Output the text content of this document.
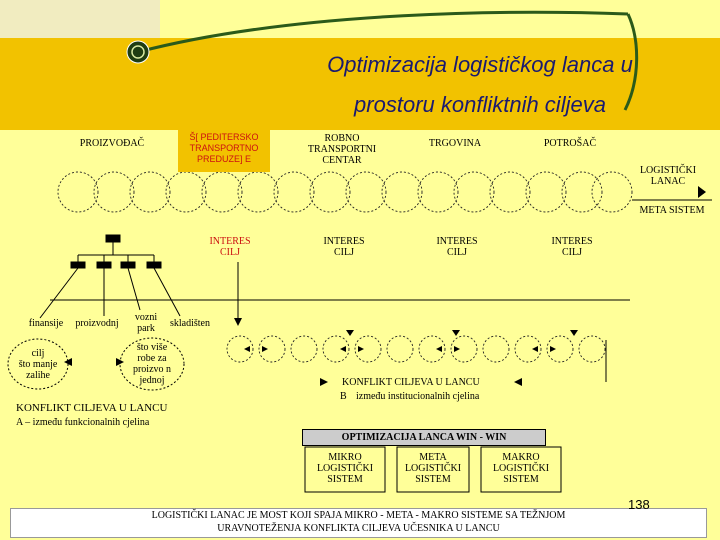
Optimizacija logističkog lanca u
prostoru konfliktnih ciljeva
PROIZVOĐAČ
Š[ PEDITERSKO
TRANSPORTNO
PREDUZE] E
ROBNO
TRANSPORTNI
CENTAR
TRGOVINA	POTROŠAČ
LOGISTIČKI
LANAC
META SISTEM
INTERES
CILJ
INTERES
CILJ
INTERES
CILJ
INTERES
CILJ
finansije	proizvodnj
vozni
park	skladišten
cilj
što manje
zalihe
što više
robe za
proizvo n
jednoj
KONFLIKT CILJEVA U LANCU
A – između funkcionalnih cjelina
KONFLIKT CILJEVA U LANCU
B između institucionalnih cjelina
OPTIMIZACIJA LANCA WIN - WIN
MIKRO
LOGISTIČKI
SISTEM
META
LOGISTIČKI
SISTEM
MAKRO
LOGISTIČKI
SISTEM
LOGISTIČKI LANAC JE MOST KOJI SPAJA MIKRO - META - MAKRO SISTEME SA TEŽNJOM
URAVNOTEŽENJA KONFLIKTA CILJEVA UČESNIKA U LANCU
138
